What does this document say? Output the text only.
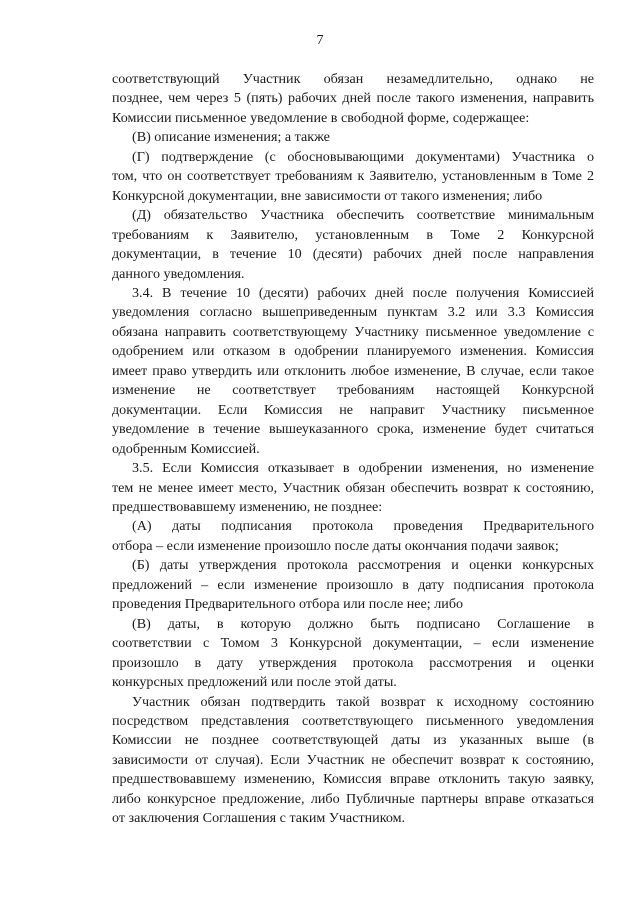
7
соответствующий Участник обязан незамедлительно, однако не
позднее, чем через 5 (пять) рабочих дней после такого изменения, направить
Комиссии письменное уведомление в свободной форме, содержащее:
(В) описание изменения; а также
(Г) подтверждение (с обосновывающими документами) Участника о
том, что он соответствует требованиям к Заявителю, установленным в Томе 2
Конкурсной документации, вне зависимости от такого изменения; либо
(Д) обязательство Участника обеспечить соответствие минимальным
требованиям к Заявителю, установленным в Томе 2 Конкурсной
документации, в течение 10 (десяти) рабочих дней после направления
данного уведомления.
3.4. В течение 10 (десяти) рабочих дней после получения Комиссией
уведомления согласно вышеприведенным пунктам 3.2 или 3.3 Комиссия
обязана направить соответствующему Участнику письменное уведомление с
одобрением или отказом в одобрении планируемого изменения. Комиссия
имеет право утвердить или отклонить любое изменение, В случае, если такое
изменение не соответствует требованиям настоящей Конкурсной
документации. Если Комиссия не направит Участнику письменное
уведомление в течение вышеуказанного срока, изменение будет считаться
одобренным Комиссией.
3.5. Если Комиссия отказывает в одобрении изменения, но изменение
тем не менее имеет место, Участник обязан обеспечить возврат к состоянию,
предшествовавшему изменению, не позднее:
(А) даты подписания протокола проведения Предварительного
отбора – если изменение произошло после даты окончания подачи заявок;
(Б) даты утверждения протокола рассмотрения и оценки конкурсных
предложений – если изменение произошло в дату подписания протокола
проведения Предварительного отбора или после нее; либо
(В) даты, в которую должно быть подписано Соглашение в
соответствии с Томом 3 Конкурсной документации, – если изменение
произошло в дату утверждения протокола рассмотрения и оценки
конкурсных предложений или после этой даты.
Участник обязан подтвердить такой возврат к исходному состоянию
посредством представления соответствующего письменного уведомления
Комиссии не позднее соответствующей даты из указанных выше (в
зависимости от случая). Если Участник не обеспечит возврат к состоянию,
предшествовавшему изменению, Комиссия вправе отклонить такую заявку,
либо конкурсное предложение, либо Публичные партнеры вправе отказаться
от заключения Соглашения с таким Участником.
